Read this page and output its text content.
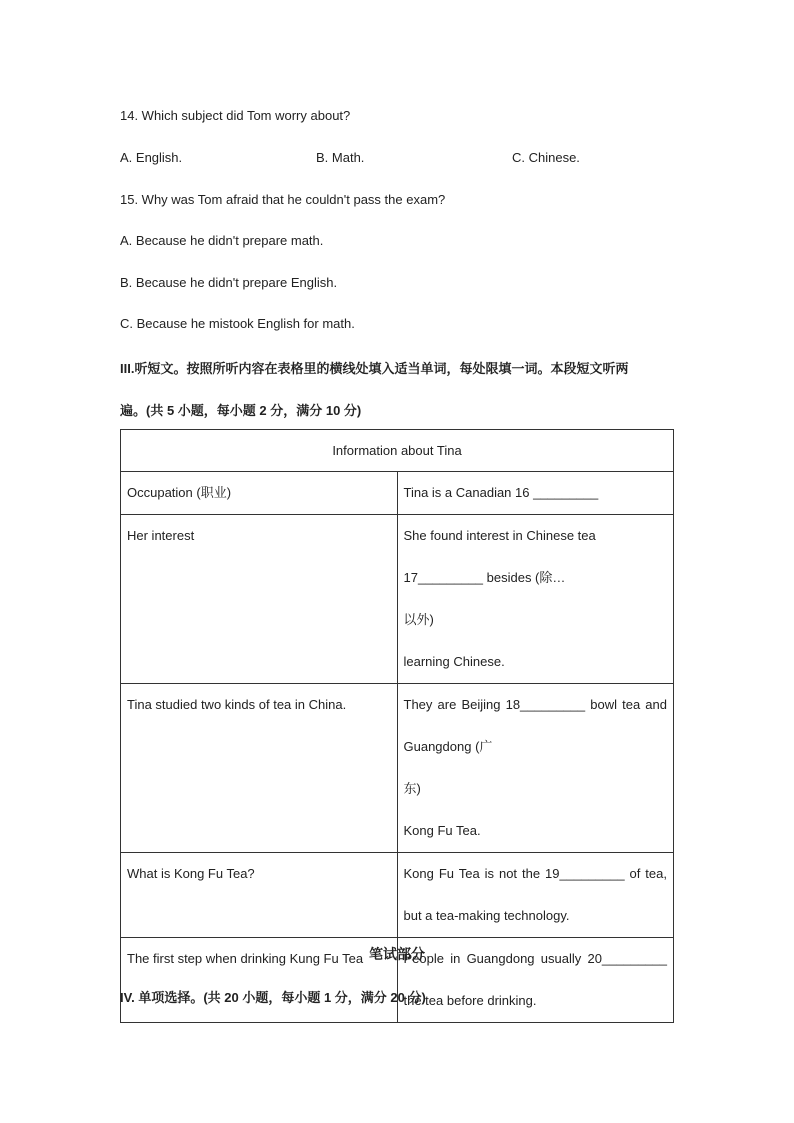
14. Which subject did Tom worry about?
A. English.	B. Math.	C. Chinese.
15. Why was Tom afraid that he couldn't pass the exam?
A. Because he didn't prepare math.
B. Because he didn't prepare English.
C. Because he mistook English for math.
III.听短文。按照所听内容在表格里的横线处填入适当单词，每处限填一词。本段短文听两
遍。(共 5 小题，每小题 2 分，满分 10 分)
Information about Tina	
Occupation (职业)	Tina is a Canadian 16 _________

Her interest	She found interest in Chinese tea 17_________ besides (除…
以外)
learning Chinese.

Tina studied two kinds of tea in China.	They are Beijing 18_________ bowl tea and Guangdong (广
东)
Kong Fu Tea.

What is Kong Fu Tea?	Kong Fu Tea is not the 19_________ of tea, but a tea-making technology.
The first step when drinking Kung Fu Tea	People in Guangdong usually 20_________ the tea before drinking.
笔试部分
IV. 单项选择。(共 20 小题，每小题 1 分，满分 20 分)
